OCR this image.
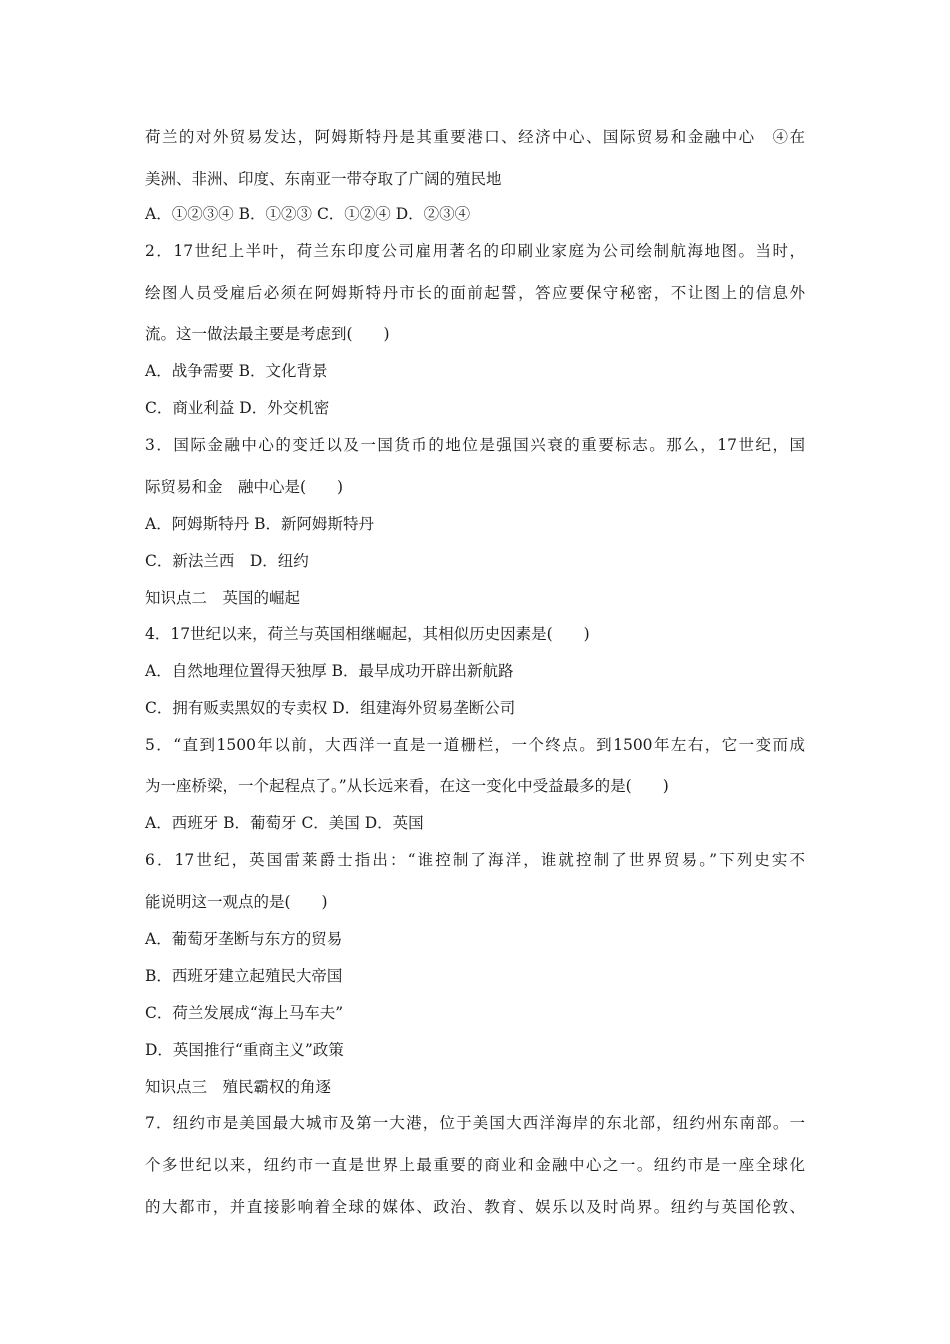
荷兰的对外贸易发达，阿姆斯特丹是其重要港口、经济中心、国际贸易和金融中心　④在
美洲、非洲、印度、东南亚一带夺取了广阔的殖民地
A．①②③④ B．①②③ C．①②④ D．②③④
2．17世纪上半叶，荷兰东印度公司雇用著名的印刷业家庭为公司绘制航海地图。当时，
绘图人员受雇后必须在阿姆斯特丹市长的面前起誓，答应要保守秘密，不让图上的信息外
流。这一做法最主要是考虑到(　　)
A．战争需要 B．文化背景
C．商业利益 D．外交机密
3．国际金融中心的变迁以及一国货币的地位是强国兴衰的重要标志。那么，17世纪，国
际贸易和金　融中心是(　　)
A．阿姆斯特丹 B．新阿姆斯特丹
C．新法兰西　D．纽约
知识点二　英国的崛起
4．17世纪以来，荷兰与英国相继崛起，其相似历史因素是(　　)
A．自然地理位置得天独厚 B．最早成功开辟出新航路
C．拥有贩卖黑奴的专卖权 D．组建海外贸易垄断公司
5．“直到1500年以前，大西洋一直是一道栅栏，一个终点。到1500年左右，它一变而成
为一座桥梁，一个起程点了。”从长远来看，在这一变化中受益最多的是(　　)
A．西班牙 B．葡萄牙 C．美国 D．英国
6．17世纪，英国雷莱爵士指出：“谁控制了海洋，谁就控制了世界贸易。”下列史实不
能说明这一观点的是(　　)
A．葡萄牙垄断与东方的贸易
B．西班牙建立起殖民大帝国
C．荷兰发展成“海上马车夫”
D．英国推行“重商主义”政策
知识点三　殖民霸权的角逐
7．纽约市是美国最大城市及第一大港，位于美国大西洋海岸的东北部，纽约州东南部。一
个多世纪以来，纽约市一直是世界上最重要的商业和金融中心之一。纽约市是一座全球化
的大都市，并直接影响着全球的媒体、政治、教育、娱乐以及时尚界。纽约与英国伦敦、
